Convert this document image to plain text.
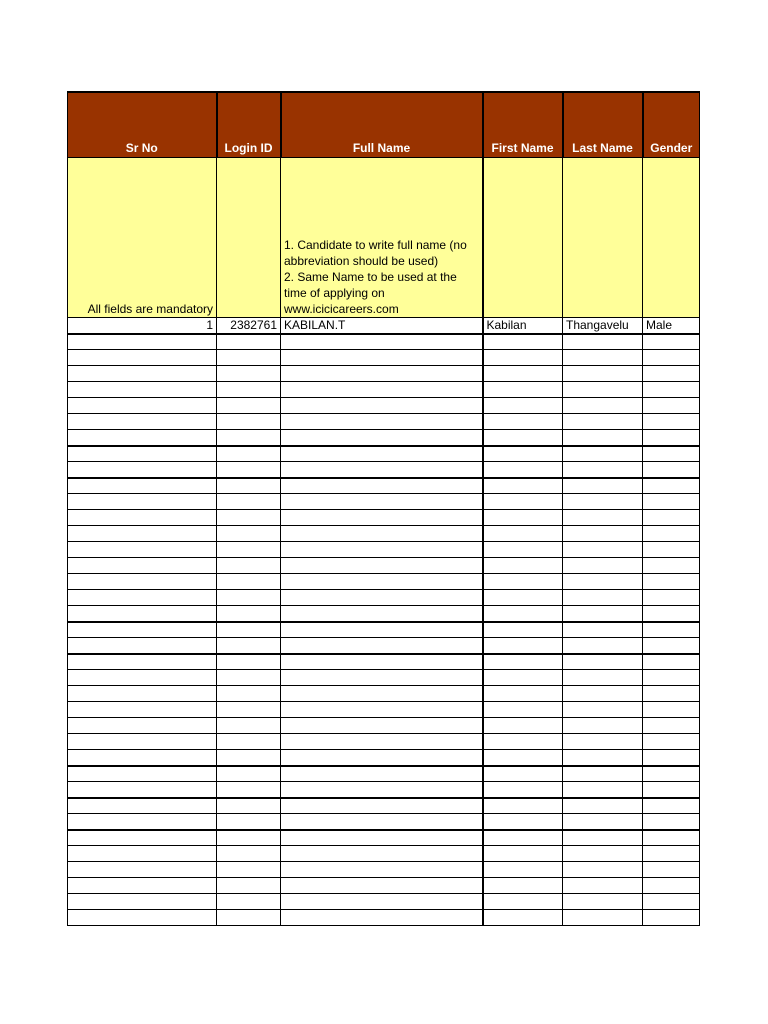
Sr No	Login ID	Full Name	First Name	Last Name	Gender
All fields are mandatory		1. Candidate to write full name (no abbreviation should be used)
2. Same Name to be used at the time of applying on www.icicicareers.com			

1	2382761	KABILAN.T	Kabilan	Thangavelu	Male
